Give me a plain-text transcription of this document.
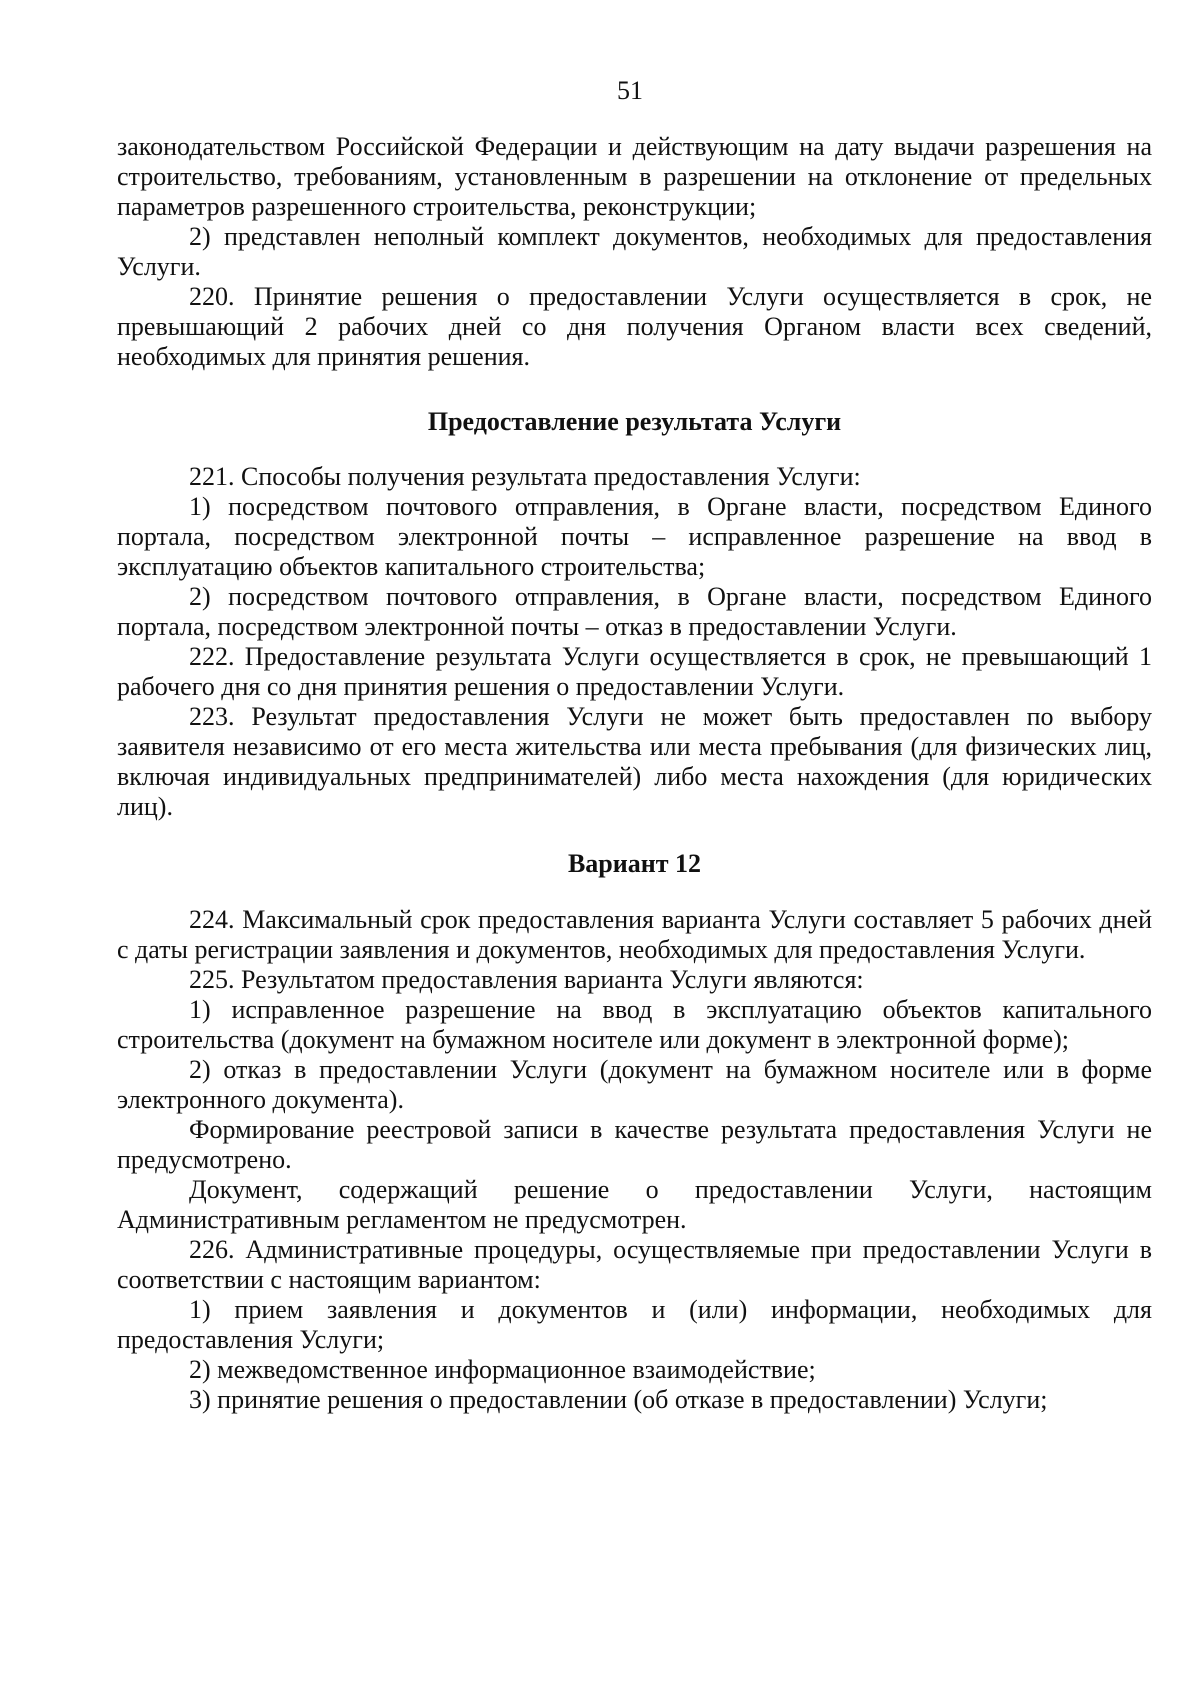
51

законодательством Российской Федерации и действующим на дату выдачи разрешения на строительство, требованиям, установленным в разрешении на отклонение от предельных параметров разрешенного строительства, реконструкции;

2) представлен неполный комплект документов, необходимых для предоставления Услуги.

220. Принятие решения о предоставлении Услуги осуществляется в срок, не превышающий 2 рабочих дней со дня получения Органом власти всех сведений, необходимых для принятия решения.

Предоставление результата Услуги

221. Способы получения результата предоставления Услуги:

1) посредством почтового отправления, в Органе власти, посредством Единого портала, посредством электронной почты – исправленное разрешение на ввод в эксплуатацию объектов капитального строительства;

2) посредством почтового отправления, в Органе власти, посредством Единого портала, посредством электронной почты – отказ в предоставлении Услуги.

222. Предоставление результата Услуги осуществляется в срок, не превышающий 1 рабочего дня со дня принятия решения о предоставлении Услуги.

223. Результат предоставления Услуги не может быть предоставлен по выбору заявителя независимо от его места жительства или места пребывания (для физических лиц, включая индивидуальных предпринимателей) либо места нахождения (для юридических лиц).

Вариант 12

224. Максимальный срок предоставления варианта Услуги составляет 5 рабочих дней с даты регистрации заявления и документов, необходимых для предоставления Услуги.

225. Результатом предоставления варианта Услуги являются:

1) исправленное разрешение на ввод в эксплуатацию объектов капитального строительства (документ на бумажном носителе или документ в электронной форме);

2) отказ в предоставлении Услуги (документ на бумажном носителе или в форме электронного документа).

Формирование реестровой записи в качестве результата предоставления Услуги не предусмотрено.

Документ, содержащий решение о предоставлении Услуги, настоящим Административным регламентом не предусмотрен.

226. Административные процедуры, осуществляемые при предоставлении Услуги в соответствии с настоящим вариантом:

1) прием заявления и документов и (или) информации, необходимых для предоставления Услуги;

2) межведомственное информационное взаимодействие;

3) принятие решения о предоставлении (об отказе в предоставлении) Услуги;
